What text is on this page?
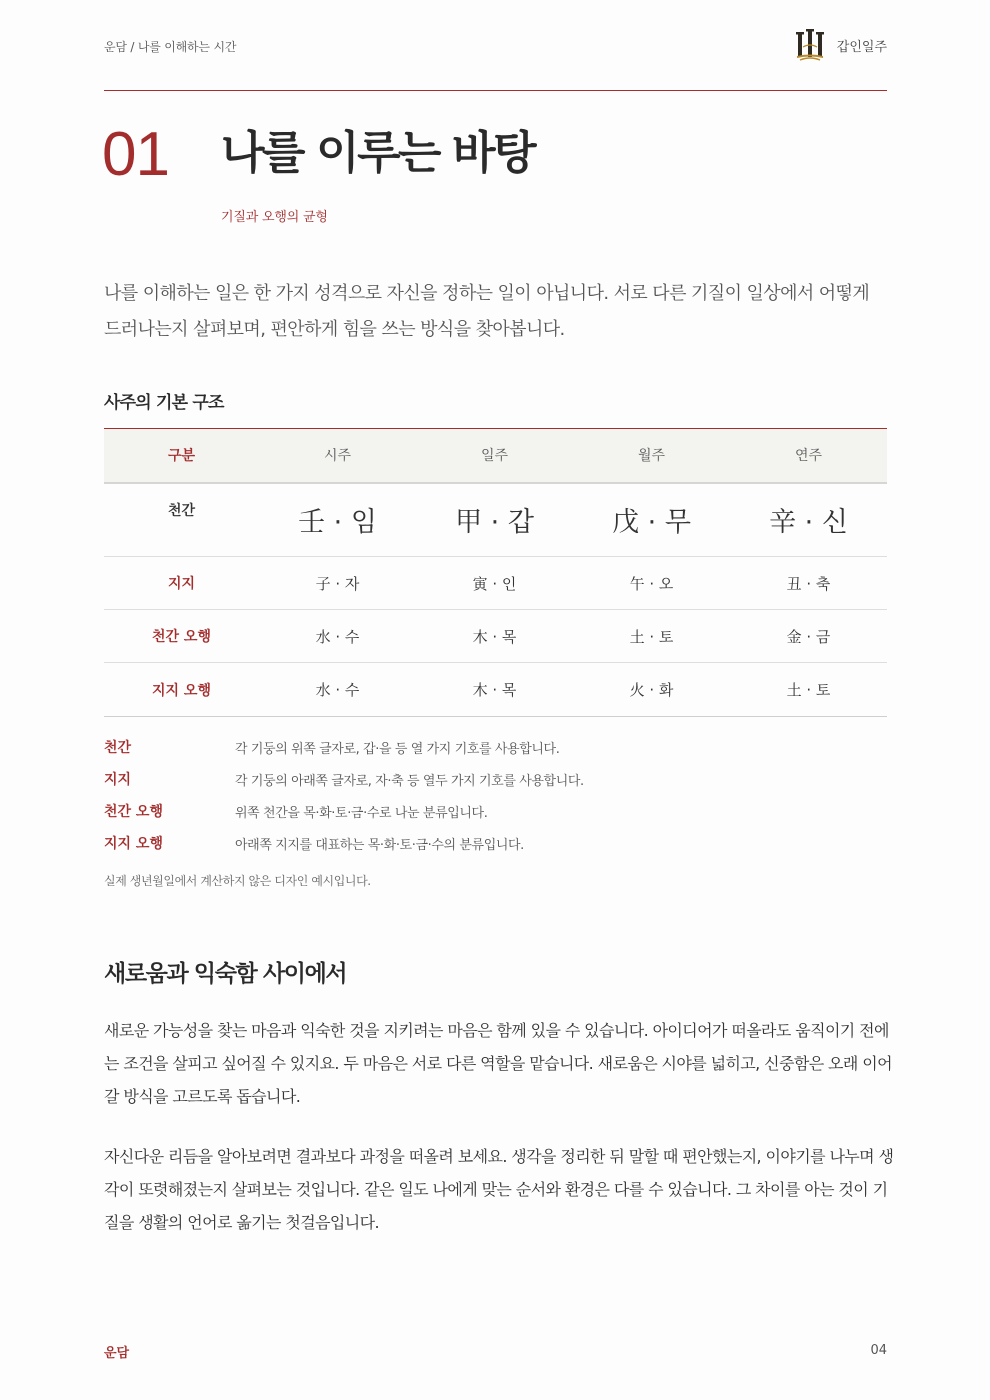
운담 / 나를 이해하는 시간	갑인일주
01 나를 이루는 바탕
기질과 오행의 균형

나를 이해하는 일은 한 가지 성격으로 자신을 정하는 일이 아닙니다. 서로 다른 기질이 일상에서 어떻게 드러나는지 살펴보며, 편안하게 힘을 쓰는 방식을 찾아봅니다.

사주의 기본 구조
구분	시주	일주	월주	연주
천간	壬 · 임	甲 · 갑	戊 · 무	辛 · 신
지지	子 · 자	寅 · 인	午 · 오	丑 · 축
천간 오행	水 · 수	木 · 목	土 · 토	金 · 금
지지 오행	水 · 수	木 · 목	火 · 화	土 · 토
천간	각 기둥의 위쪽 글자로, 갑·을 등 열 가지 기호를 사용합니다.
지지	각 기둥의 아래쪽 글자로, 자·축 등 열두 가지 기호를 사용합니다.
천간 오행	위쪽 천간을 목·화·토·금·수로 나눈 분류입니다.
지지 오행	아래쪽 지지를 대표하는 목·화·토·금·수의 분류입니다.

실제 생년월일에서 계산하지 않은 디자인 예시입니다.

새로움과 익숙함 사이에서

새로운 가능성을 찾는 마음과 익숙한 것을 지키려는 마음은 함께 있을 수 있습니다. 아이디어가 떠올라도 움직이기 전에는 조건을 살피고 싶어질 수 있지요. 두 마음은 서로 다른 역할을 맡습니다. 새로움은 시야를 넓히고, 신중함은 오래 이어 갈 방식을 고르도록 돕습니다.

자신다운 리듬을 알아보려면 결과보다 과정을 떠올려 보세요. 생각을 정리한 뒤 말할 때 편안했는지, 이야기를 나누며 생각이 또렷해졌는지 살펴보는 것입니다. 같은 일도 나에게 맞는 순서와 환경은 다를 수 있습니다. 그 차이를 아는 것이 기질을 생활의 언어로 옮기는 첫걸음입니다.

운담	04
